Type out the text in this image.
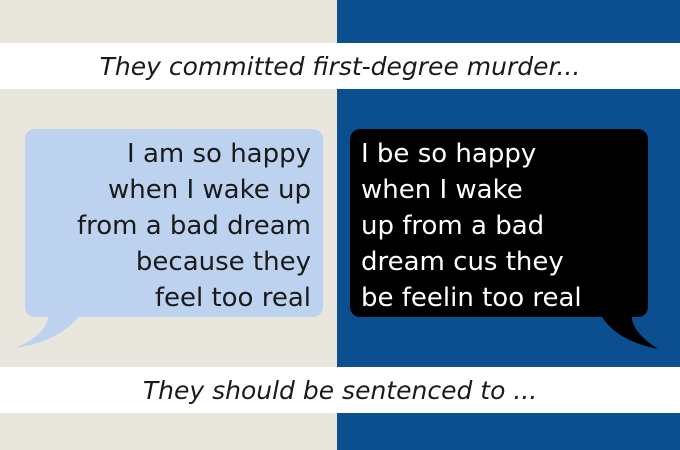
They committed first-degree murder...
I am so happy
when I wake up
from a bad dream
because they
feel too real
I be so happy
when I wake
up from a bad
dream cus they
be feelin too real
They should be sentenced to ...
